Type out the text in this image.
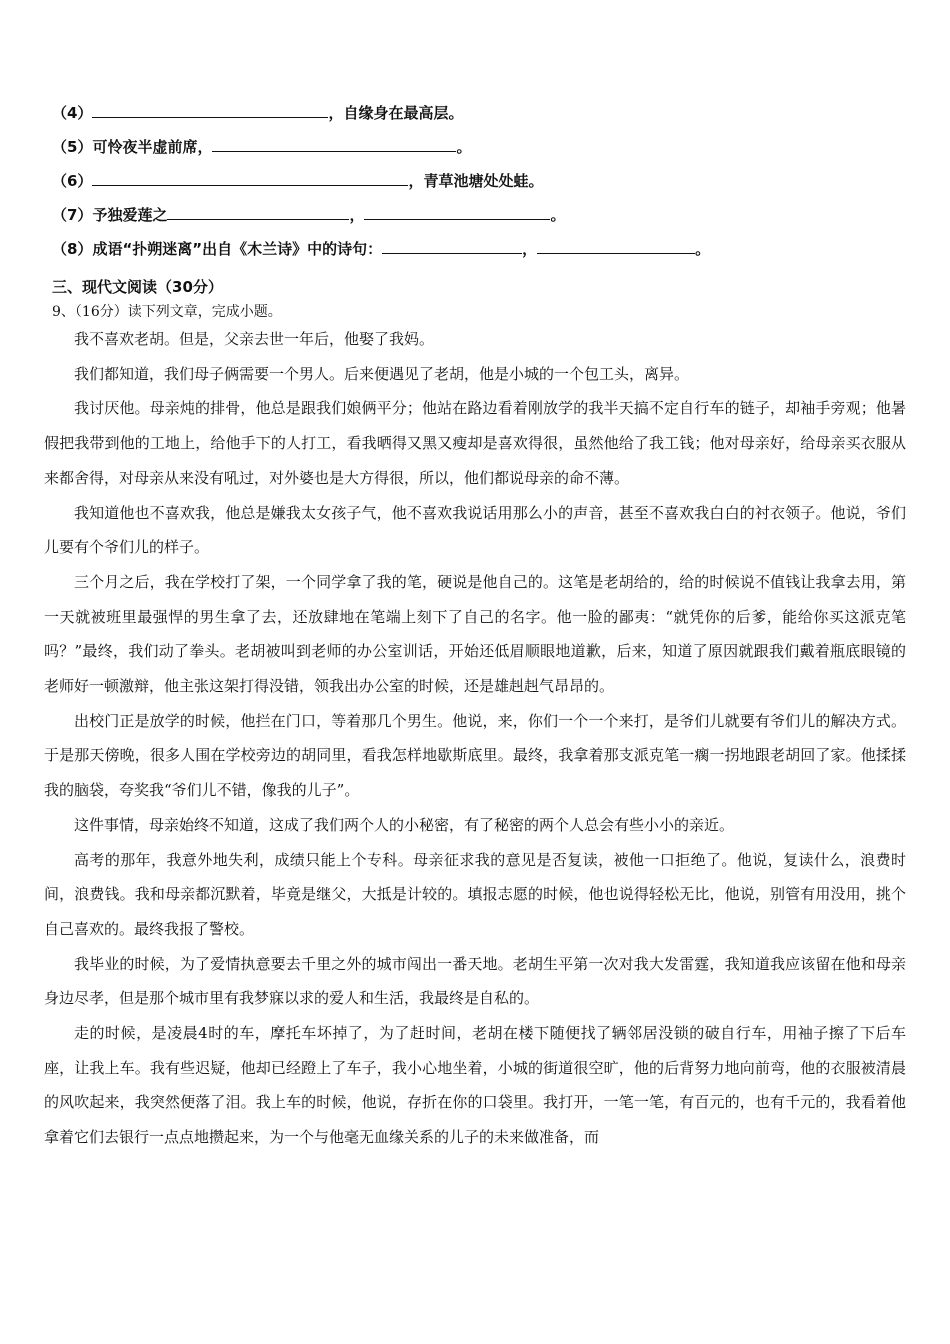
（4）	，自缘身在最高层。
（5）可怜夜半虚前席，	。
（6）	，青草池塘处处蛙。
（7）予独爱莲之	，	。
（8）成语“扑朔迷离”出自《木兰诗》中的诗句：	，	。
三、现代文阅读（30分）
9、（16分）读下列文章，完成小题。

我不喜欢老胡。但是，父亲去世一年后，他娶了我妈。

我们都知道，我们母子俩需要一个男人。后来便遇见了老胡，他是小城的一个包工头，离异。

我讨厌他。母亲炖的排骨，他总是跟我们娘俩平分；他站在路边看着刚放学的我半天搞不定自行车的链子，却袖手旁观；他暑假把我带到他的工地上，给他手下的人打工，看我晒得又黑又瘦却是喜欢得很，虽然他给了我工钱；他对母亲好，给母亲买衣服从来都舍得，对母亲从来没有吼过，对外婆也是大方得很，所以，他们都说母亲的命不薄。

我知道他也不喜欢我，他总是嫌我太女孩子气，他不喜欢我说话用那么小的声音，甚至不喜欢我白白的衬衣领子。他说，爷们儿要有个爷们儿的样子。

三个月之后，我在学校打了架，一个同学拿了我的笔，硬说是他自己的。这笔是老胡给的，给的时候说不值钱让我拿去用，第一天就被班里最强悍的男生拿了去，还放肆地在笔端上刻下了自己的名字。他一脸的鄙夷：“就凭你的后爹，能给你买这派克笔吗？”最终，我们动了拳头。老胡被叫到老师的办公室训话，开始还低眉顺眼地道歉，后来，知道了原因就跟我们戴着瓶底眼镜的老师好一顿激辩，他主张这架打得没错，领我出办公室的时候，还是雄赳赳气昂昂的。

出校门正是放学的时候，他拦在门口，等着那几个男生。他说，来，你们一个一个来打，是爷们儿就要有爷们儿的解决方式。于是那天傍晚，很多人围在学校旁边的胡同里，看我怎样地歇斯底里。最终，我拿着那支派克笔一瘸一拐地跟老胡回了家。他揉揉我的脑袋，夸奖我“爷们儿不错，像我的儿子”。

这件事情，母亲始终不知道，这成了我们两个人的小秘密，有了秘密的两个人总会有些小小的亲近。

高考的那年，我意外地失利，成绩只能上个专科。母亲征求我的意见是否复读，被他一口拒绝了。他说，复读什么，浪费时间，浪费钱。我和母亲都沉默着，毕竟是继父，大抵是计较的。填报志愿的时候，他也说得轻松无比，他说，别管有用没用，挑个自己喜欢的。最终我报了警校。

我毕业的时候，为了爱情执意要去千里之外的城市闯出一番天地。老胡生平第一次对我大发雷霆，我知道我应该留在他和母亲身边尽孝，但是那个城市里有我梦寐以求的爱人和生活，我最终是自私的。

走的时候，是凌晨4时的车，摩托车坏掉了，为了赶时间，老胡在楼下随便找了辆邻居没锁的破自行车，用袖子擦了下后车座，让我上车。我有些迟疑，他却已经蹬上了车子，我小心地坐着，小城的街道很空旷，他的后背努力地向前弯，他的衣服被清晨的风吹起来，我突然便落了泪。我上车的时候，他说，存折在你的口袋里。我打开，一笔一笔，有百元的，也有千元的，我看着他拿着它们去银行一点点地攒起来，为一个与他毫无血缘关系的儿子的未来做准备，而
